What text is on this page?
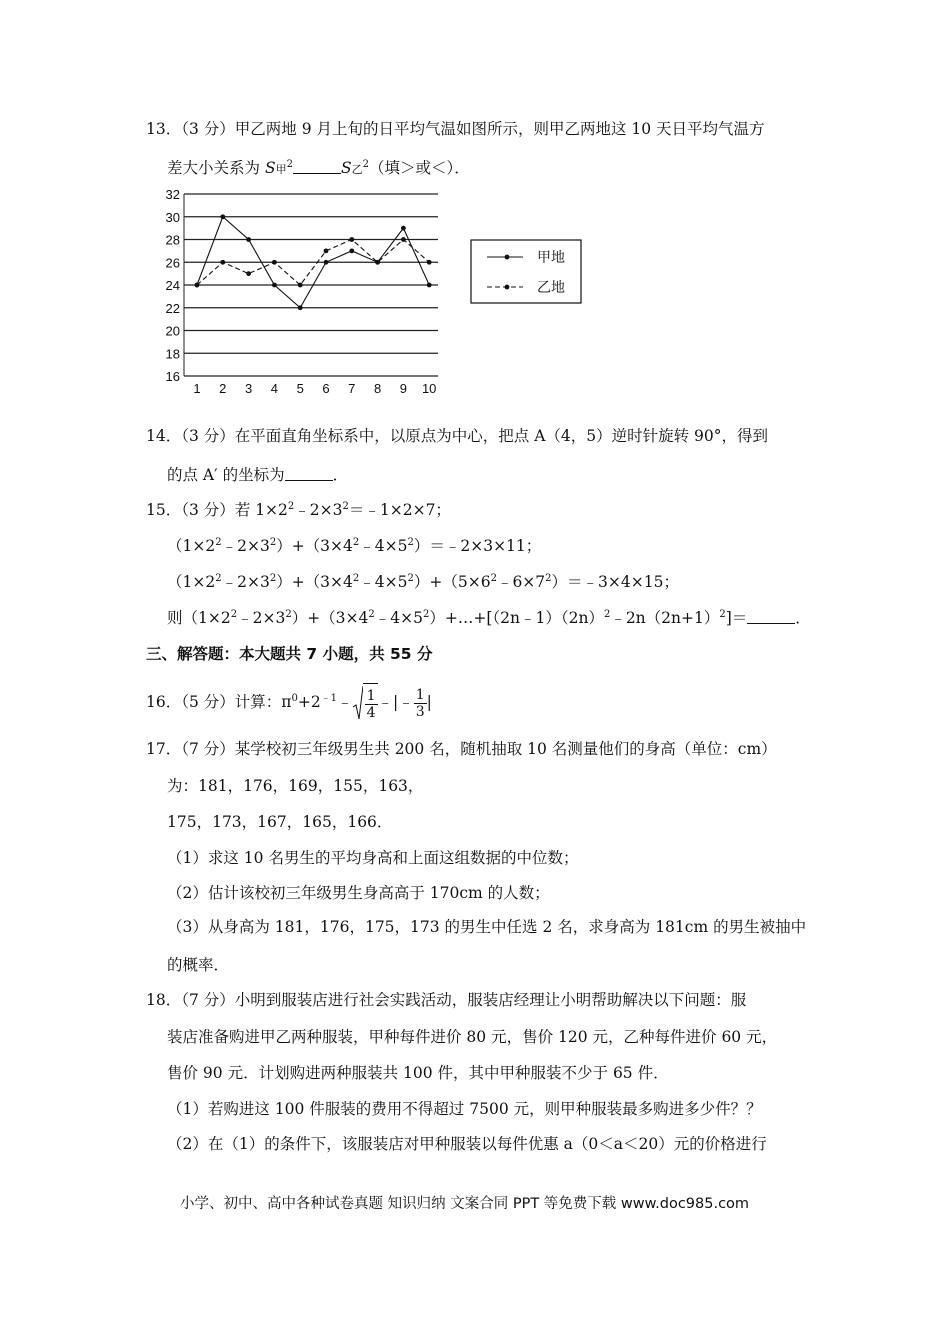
13．（3 分）甲乙两地 9 月上旬的日平均气温如图所示，则甲乙两地这 10 天日平均气温方
差大小关系为 S甲$^2$	S乙$^2$（填＞或＜）．
16
18
20
22
24
26
28
30
32
1 2 3 4 5 6 7 8 9 10
甲地
乙地
14．（3 分）在平面直角坐标系中，以原点为中心，把点 A（4，5）逆时针旋转 90°，得到
的点 A′ 的坐标为	．
15．（3 分）若 $1\times 2^2﹣2\times 3^2=﹣1\times 2\times 7$；
$(1\times 2^2﹣2\times 3^2)+(3\times 4^2﹣4\times 5^2)=﹣2\times 3\times 11$；
$(1\times 2^2﹣2\times 3^2)+(3\times 4^2﹣4\times 5^2)+(5\times 6^2﹣6\times 7^2)=﹣3\times 4\times 15$；
则$(1\times 2^2﹣2\times 3^2)+(3\times 4^2﹣4\times 5^2)+\dots+[(2n﹣1)(2n)^2﹣2n(2n+1)^2]=$	．
三、解答题：本大题共 7 小题，共 55 分
16．（5 分）计算：$\pi^0+2^{﹣1}﹣ \frac{1}{4}$ ﹣|﹣ $\frac{1}{3}$ |
17．（7 分）某学校初三年级男生共 200 名，随机抽取 10 名测量他们的身高（单位：cm）
为：181，176，169，155，163，
175，173，167，165，166．
（1）求这 10 名男生的平均身高和上面这组数据的中位数；
（2）估计该校初三年级男生身高高于 170cm 的人数；
（3）从身高为 181，176，175，173 的男生中任选 2 名，求身高为 181cm 的男生被抽中
的概率．
18．（7 分）小明到服装店进行社会实践活动，服装店经理让小明帮助解决以下问题：服
装店准备购进甲乙两种服装，甲种每件进价 80 元，售价 120 元，乙种每件进价 60 元，
售价 90 元．计划购进两种服装共 100 件，其中甲种服装不少于 65 件．
（1）若购进这 100 件服装的费用不得超过 7500 元，则甲种服装最多购进多少件？？
（2）在（1）的条件下，该服装店对甲种服装以每件优惠 a（0＜a＜20）元的价格进行
小学、初中、高中各种试卷真题 知识归纳 文案合同 PPT 等免费下载 www.doc985.com
